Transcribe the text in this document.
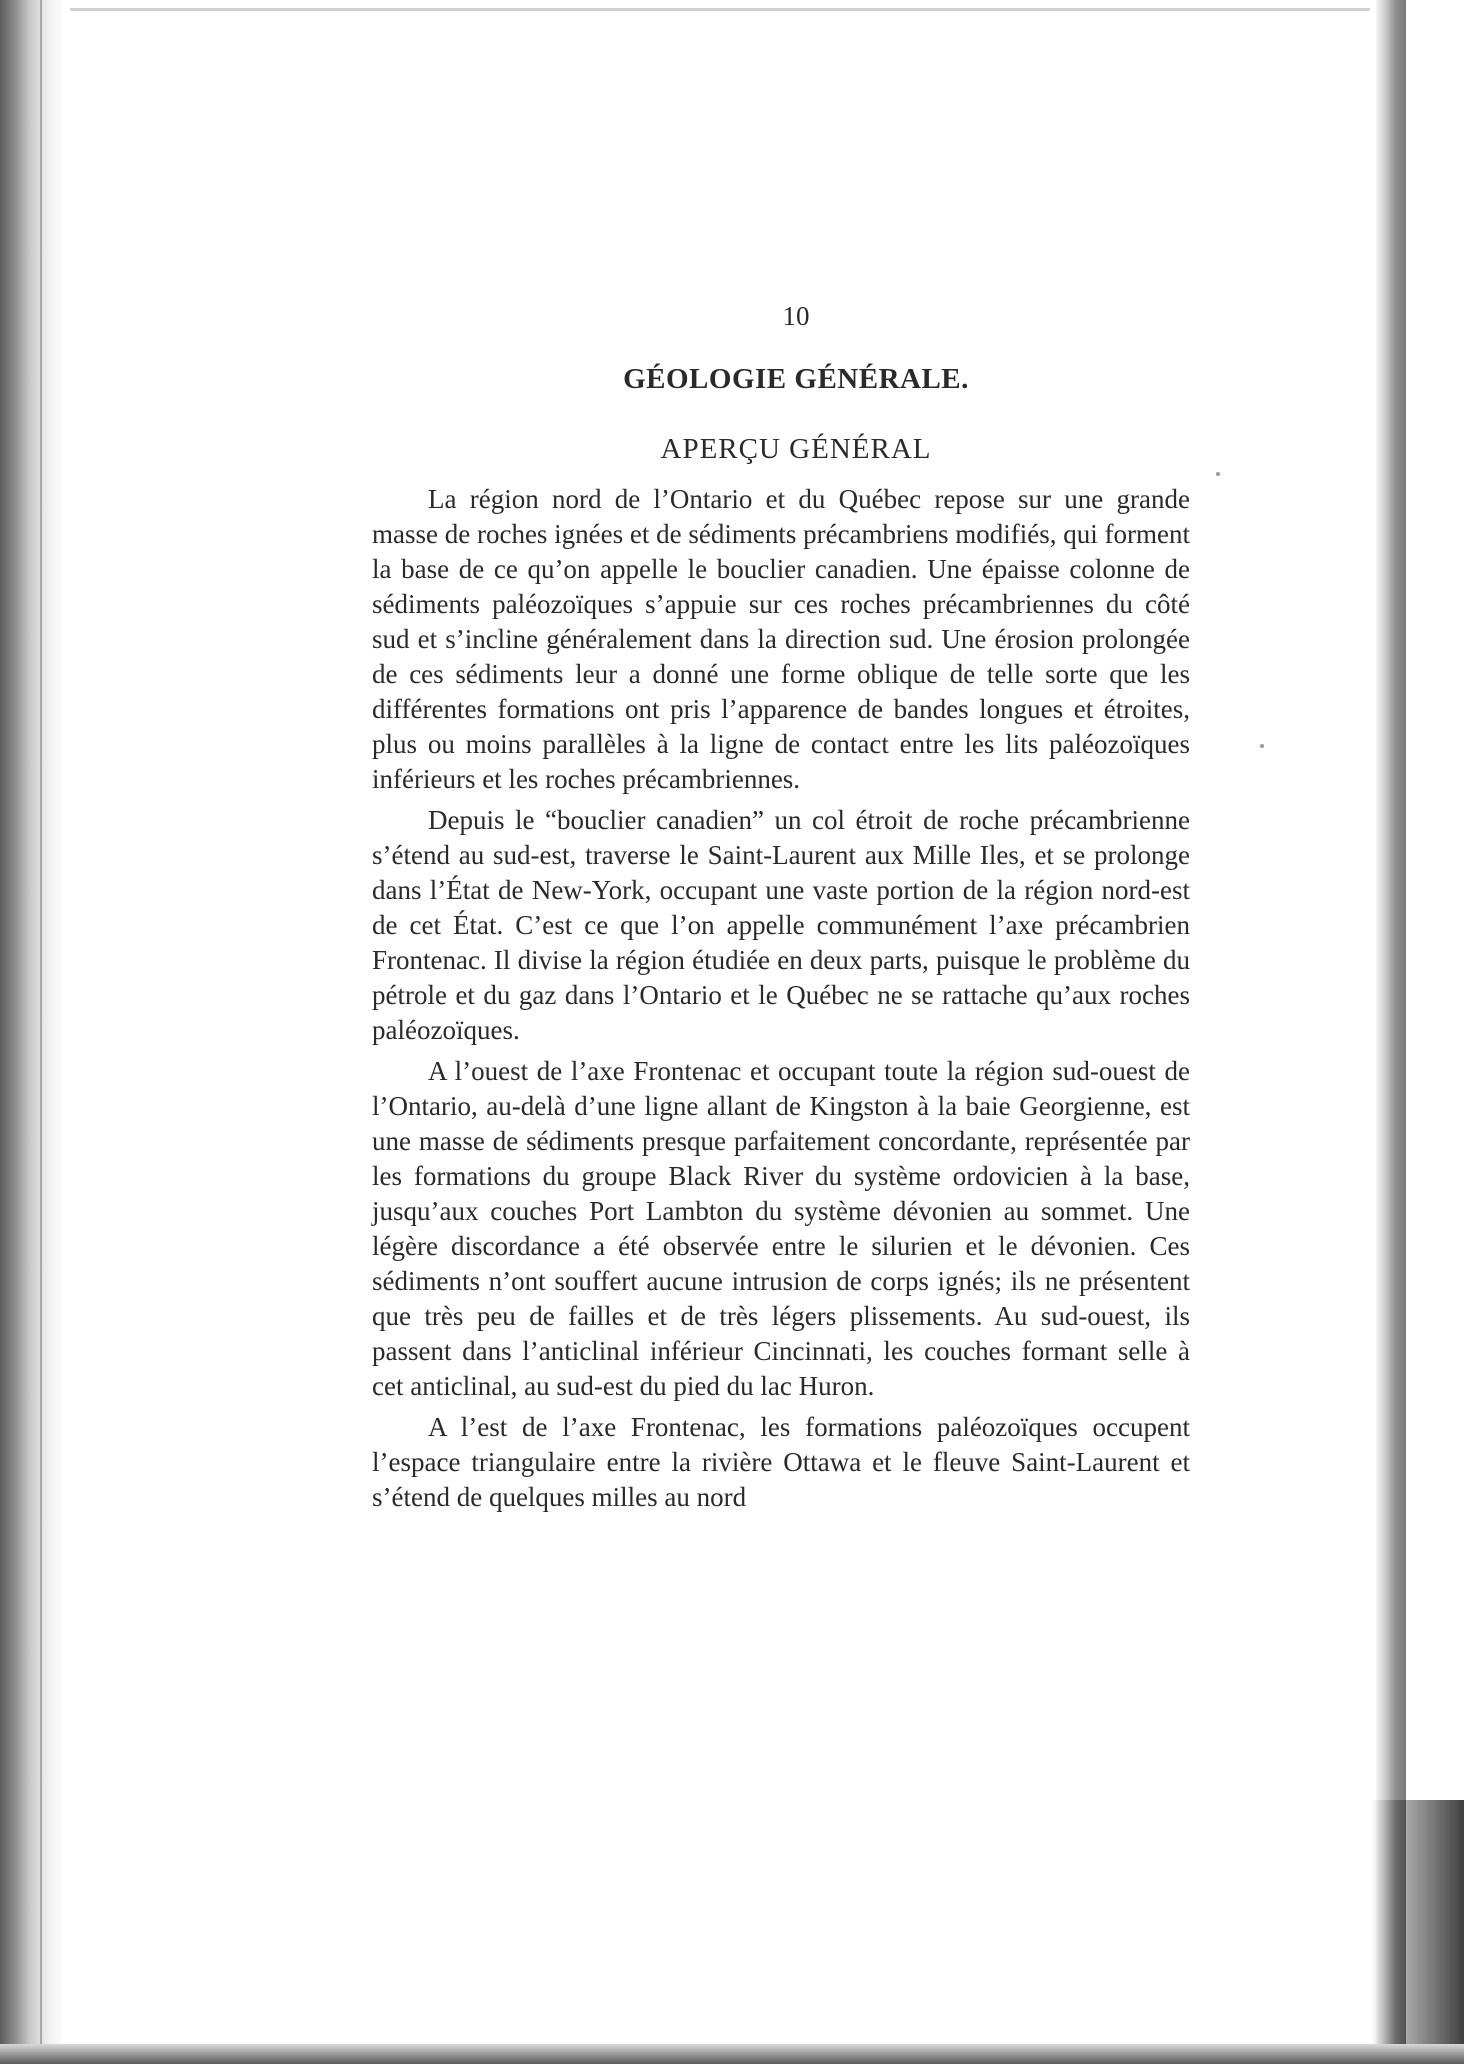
10
GÉOLOGIE GÉNÉRALE.
APERÇU GÉNÉRAL

La région nord de l’Ontario et du Québec repose sur une grande masse de roches ignées et de sédiments précambriens modifiés, qui forment la base de ce qu’on appelle le bouclier canadien. Une épaisse colonne de sédiments paléozoïques s’appuie sur ces roches précambriennes du côté sud et s’incline généralement dans la direction sud. Une érosion prolongée de ces sédiments leur a donné une forme oblique de telle sorte que les différentes formations ont pris l’apparence de bandes longues et étroites, plus ou moins parallèles à la ligne de contact entre les lits paléozoïques inférieurs et les roches précambriennes.

Depuis le “bouclier canadien” un col étroit de roche précambrienne s’étend au sud-est, traverse le Saint-Laurent aux Mille Iles, et se prolonge dans l’État de New-York, occupant une vaste portion de la région nord-est de cet État. C’est ce que l’on appelle communément l’axe précambrien Frontenac. Il divise la région étudiée en deux parts, puisque le problème du pétrole et du gaz dans l’Ontario et le Québec ne se rattache qu’aux roches paléozoïques.

A l’ouest de l’axe Frontenac et occupant toute la région sud-ouest de l’Ontario, au-delà d’une ligne allant de Kingston à la baie Georgienne, est une masse de sédiments presque parfaitement concordante, représentée par les formations du groupe Black River du système ordovicien à la base, jusqu’aux couches Port Lambton du système dévonien au sommet. Une légère discordance a été observée entre le silurien et le dévonien. Ces sédiments n’ont souffert aucune intrusion de corps ignés; ils ne présentent que très peu de failles et de très légers plissements. Au sud-ouest, ils passent dans l’anticlinal inférieur Cincinnati, les couches formant selle à cet anticlinal, au sud-est du pied du lac Huron.

A l’est de l’axe Frontenac, les formations paléozoïques occupent l’espace triangulaire entre la rivière Ottawa et le fleuve Saint-Laurent et s’étend de quelques milles au nord
